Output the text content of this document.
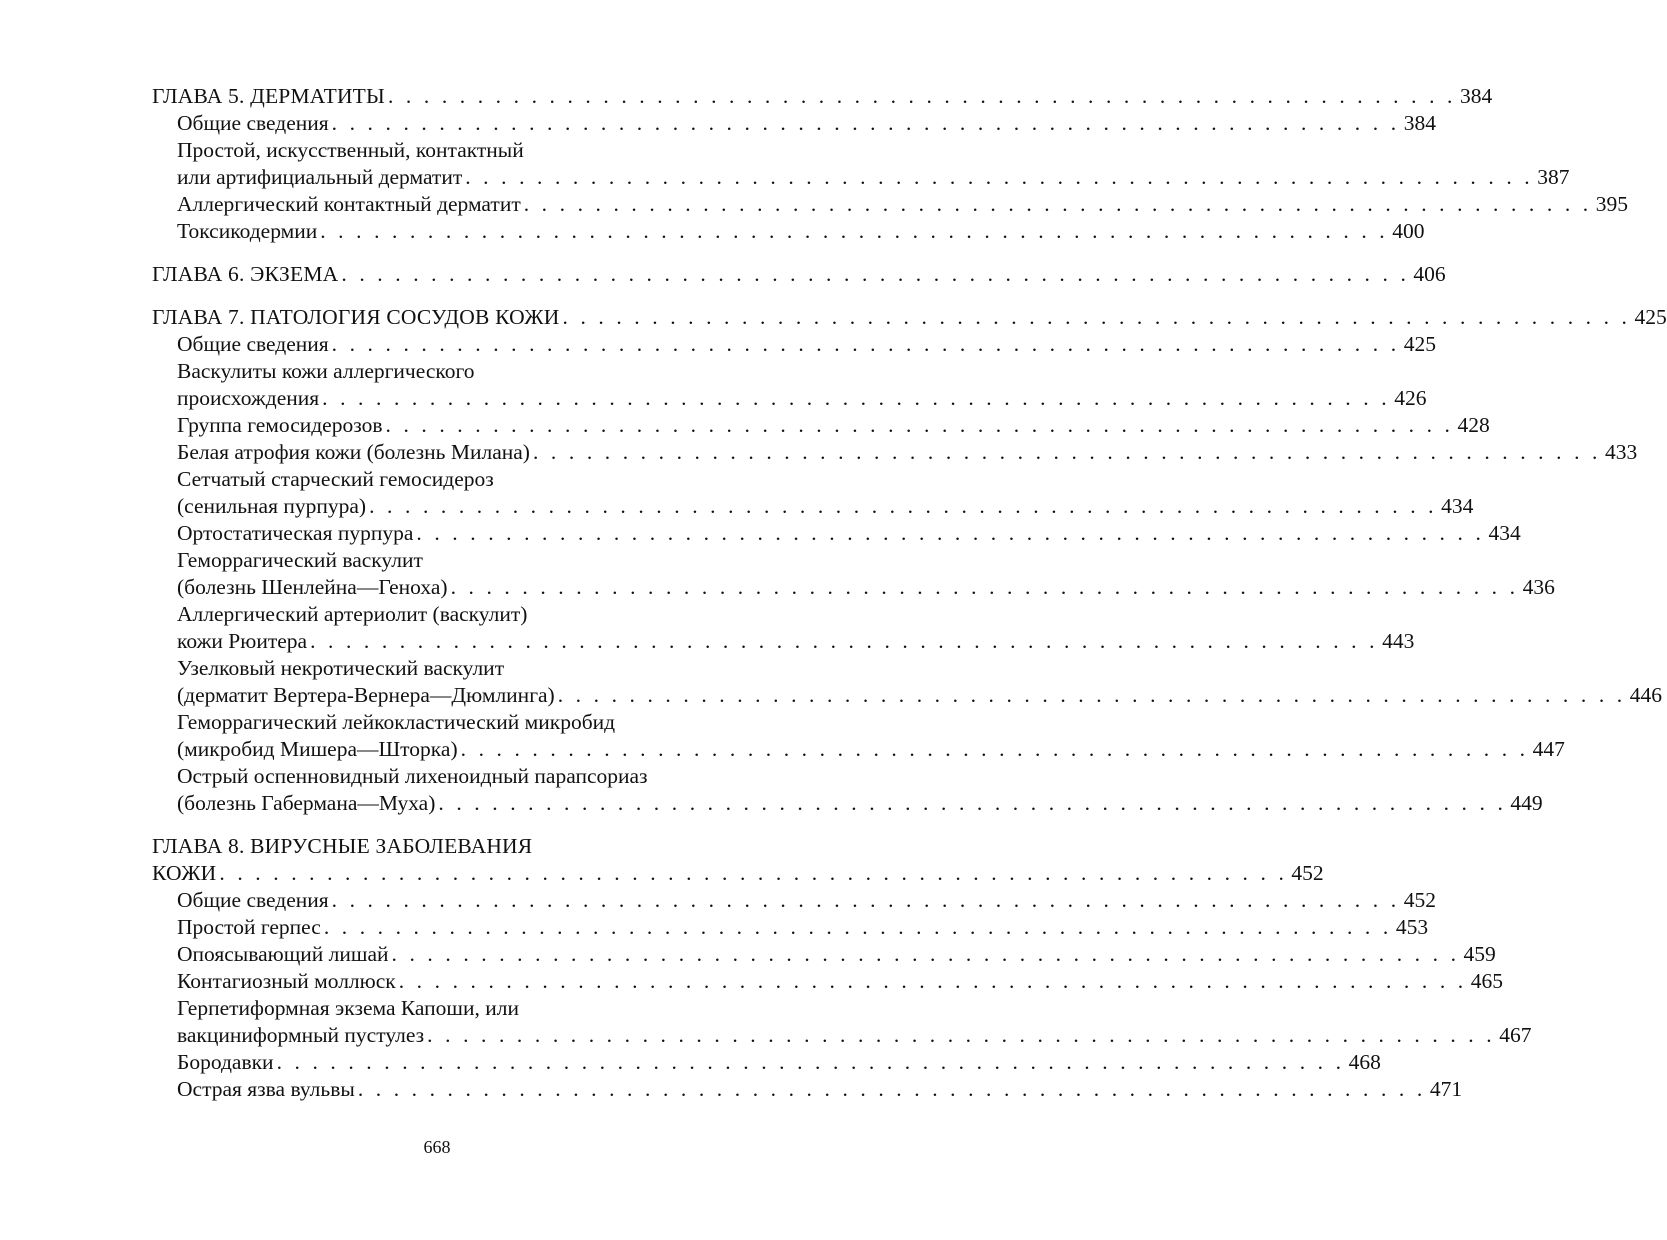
ГЛАВА 5. ДЕРМАТИТЫ . . . . . . . . . . . . . . . . . . . . . . . . . . . . . . . . . . . . . . . . . . . . . . . . . . . . . . . . . . . . 384
Общие сведения . . . . . . . . . . . . . . . . . . . . . . . . . . . . . . . . . . . . . . . . . . . . . . . . . . . . . . . . . . . . 384
Простой, искусственный, контактный
или артифициальный дерматит . . . . . . . . . . . . . . . . . . . . . . . . . . . . . . . . . . . . . . . . . . . . . . . . . . . . . . . . . . . . 387
Аллергический контактный дерматит . . . . . . . . . . . . . . . . . . . . . . . . . . . . . . . . . . . . . . . . . . . . . . . . . . . . . . . . . . . . 395
Токсикодермии . . . . . . . . . . . . . . . . . . . . . . . . . . . . . . . . . . . . . . . . . . . . . . . . . . . . . . . . . . . . 400
ГЛАВА 6. ЭКЗЕМА . . . . . . . . . . . . . . . . . . . . . . . . . . . . . . . . . . . . . . . . . . . . . . . . . . . . . . . . . . . . 406
ГЛАВА 7. ПАТОЛОГИЯ СОСУДОВ КОЖИ . . . . . . . . . . . . . . . . . . . . . . . . . . . . . . . . . . . . . . . . . . . . . . . . . . . . . . . . . . . . 425
Общие сведения . . . . . . . . . . . . . . . . . . . . . . . . . . . . . . . . . . . . . . . . . . . . . . . . . . . . . . . . . . . . 425
Васкулиты кожи аллергического
происхождения . . . . . . . . . . . . . . . . . . . . . . . . . . . . . . . . . . . . . . . . . . . . . . . . . . . . . . . . . . . . 426
Группа гемосидерозов . . . . . . . . . . . . . . . . . . . . . . . . . . . . . . . . . . . . . . . . . . . . . . . . . . . . . . . . . . . . 428
Белая атрофия кожи (болезнь Милана) . . . . . . . . . . . . . . . . . . . . . . . . . . . . . . . . . . . . . . . . . . . . . . . . . . . . . . . . . . . . 433
Сетчатый старческий гемосидероз
(сенильная пурпура) . . . . . . . . . . . . . . . . . . . . . . . . . . . . . . . . . . . . . . . . . . . . . . . . . . . . . . . . . . . . 434
Ортостатическая пурпура . . . . . . . . . . . . . . . . . . . . . . . . . . . . . . . . . . . . . . . . . . . . . . . . . . . . . . . . . . . . 434
Геморрагический васкулит
(болезнь Шенлейна—Геноха) . . . . . . . . . . . . . . . . . . . . . . . . . . . . . . . . . . . . . . . . . . . . . . . . . . . . . . . . . . . . 436
Аллергический артериолит (васкулит)
кожи Рюитера . . . . . . . . . . . . . . . . . . . . . . . . . . . . . . . . . . . . . . . . . . . . . . . . . . . . . . . . . . . . 443
Узелковый некротический васкулит
(дерматит Вертера-Вернера—Дюмлинга) . . . . . . . . . . . . . . . . . . . . . . . . . . . . . . . . . . . . . . . . . . . . . . . . . . . . . . . . . . . . 446
Геморрагический лейкокластический микробид
(микробид Мишера—Шторка) . . . . . . . . . . . . . . . . . . . . . . . . . . . . . . . . . . . . . . . . . . . . . . . . . . . . . . . . . . . . 447
Острый оспенновидный лихеноидный парапсориаз
(болезнь Габермана—Муха) . . . . . . . . . . . . . . . . . . . . . . . . . . . . . . . . . . . . . . . . . . . . . . . . . . . . . . . . . . . . 449
ГЛАВА 8. ВИРУСНЫЕ ЗАБОЛЕВАНИЯ
КОЖИ . . . . . . . . . . . . . . . . . . . . . . . . . . . . . . . . . . . . . . . . . . . . . . . . . . . . . . . . . . . . 452
Общие сведения . . . . . . . . . . . . . . . . . . . . . . . . . . . . . . . . . . . . . . . . . . . . . . . . . . . . . . . . . . . . 452
Простой герпес . . . . . . . . . . . . . . . . . . . . . . . . . . . . . . . . . . . . . . . . . . . . . . . . . . . . . . . . . . . . 453
Опоясывающий лишай . . . . . . . . . . . . . . . . . . . . . . . . . . . . . . . . . . . . . . . . . . . . . . . . . . . . . . . . . . . . 459
Контагиозный моллюск . . . . . . . . . . . . . . . . . . . . . . . . . . . . . . . . . . . . . . . . . . . . . . . . . . . . . . . . . . . . 465
Герпетиформная экзема Капоши, или
вакциниформный пустулез . . . . . . . . . . . . . . . . . . . . . . . . . . . . . . . . . . . . . . . . . . . . . . . . . . . . . . . . . . . . 467
Бородавки . . . . . . . . . . . . . . . . . . . . . . . . . . . . . . . . . . . . . . . . . . . . . . . . . . . . . . . . . . . . 468
Острая язва вульвы . . . . . . . . . . . . . . . . . . . . . . . . . . . . . . . . . . . . . . . . . . . . . . . . . . . . . . . . . . . . 471
668
